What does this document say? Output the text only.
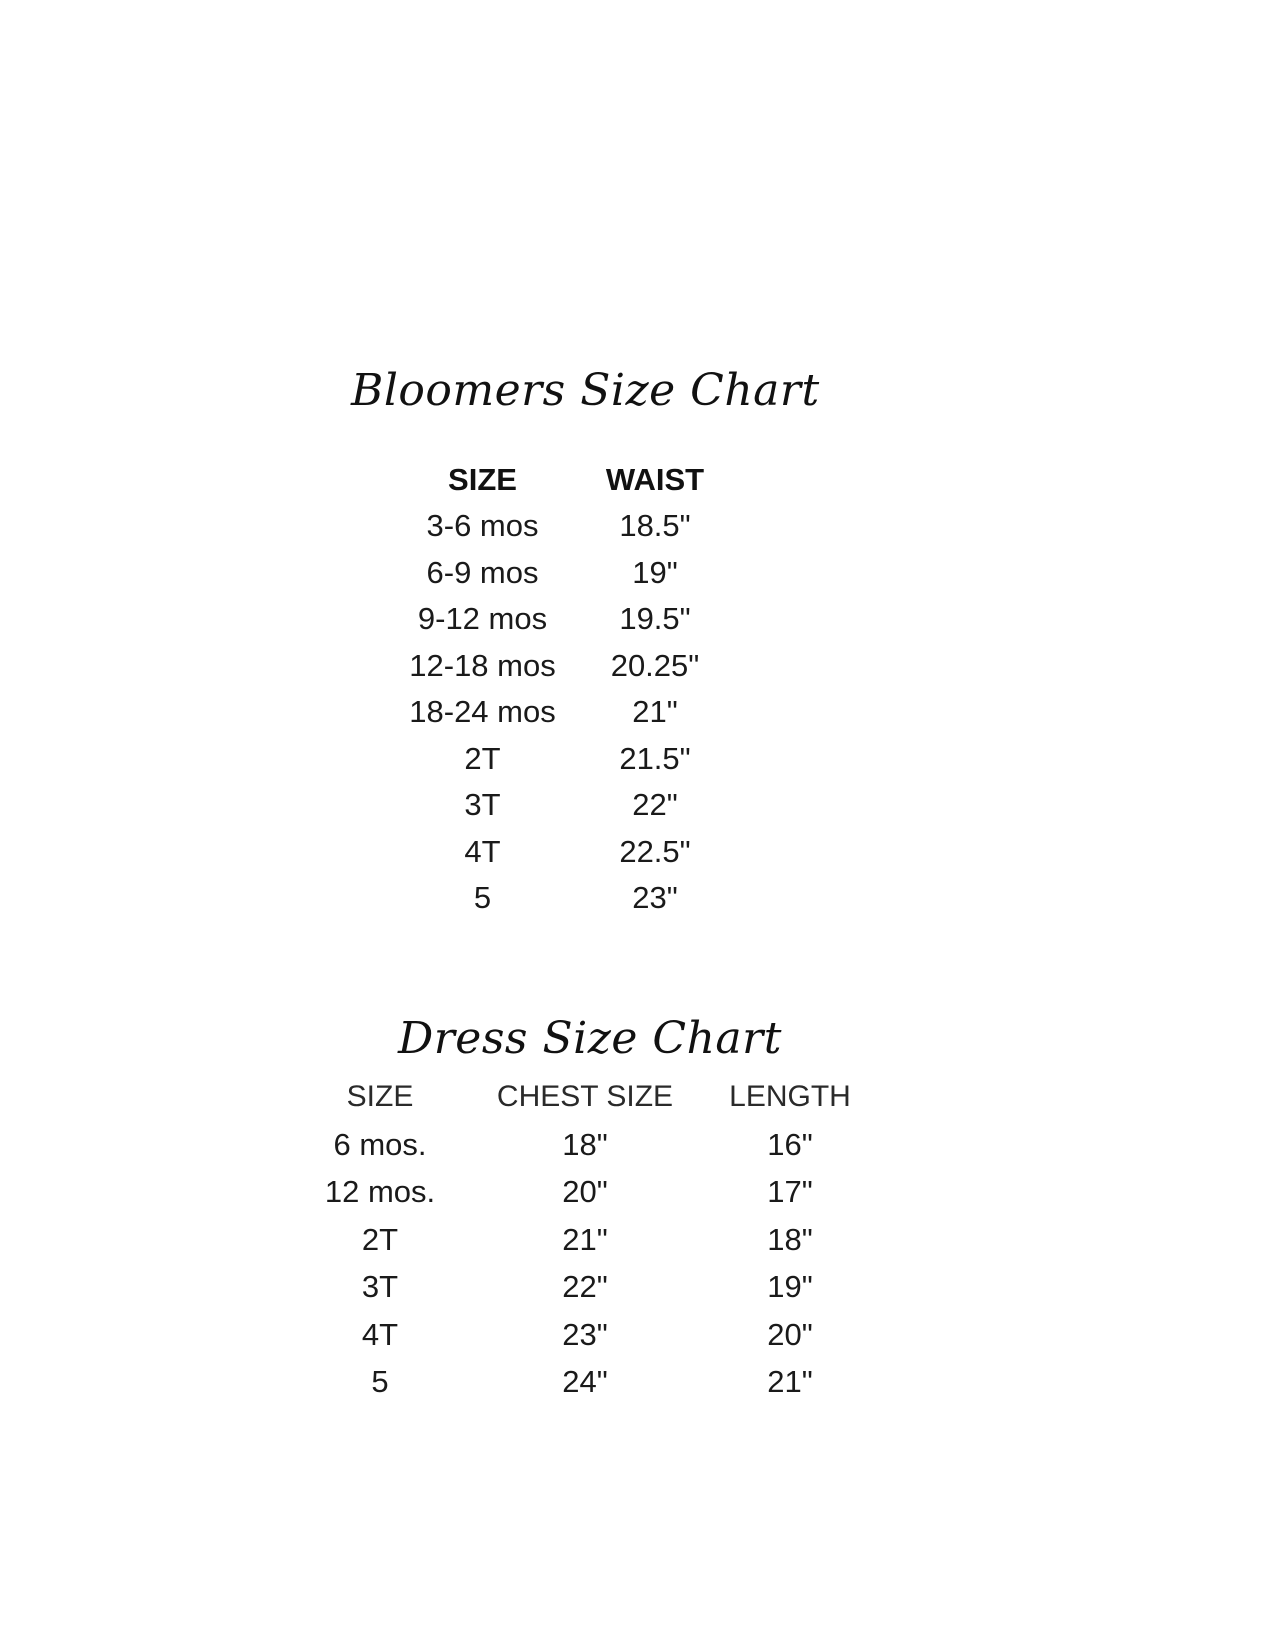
Bloomers Size Chart
SIZE	WAIST
3-6 mos	18.5"
6-9 mos	19"
9-12 mos	19.5"
12-18 mos	20.25"
18-24 mos	21"
2T	21.5"
3T	22"
4T	22.5"
5	23"
Dress Size Chart
SIZE	CHEST SIZE	LENGTH
6 mos.	18"	16"
12 mos.	20"	17"
2T	21"	18"
3T	22"	19"
4T	23"	20"
5	24"	21"
